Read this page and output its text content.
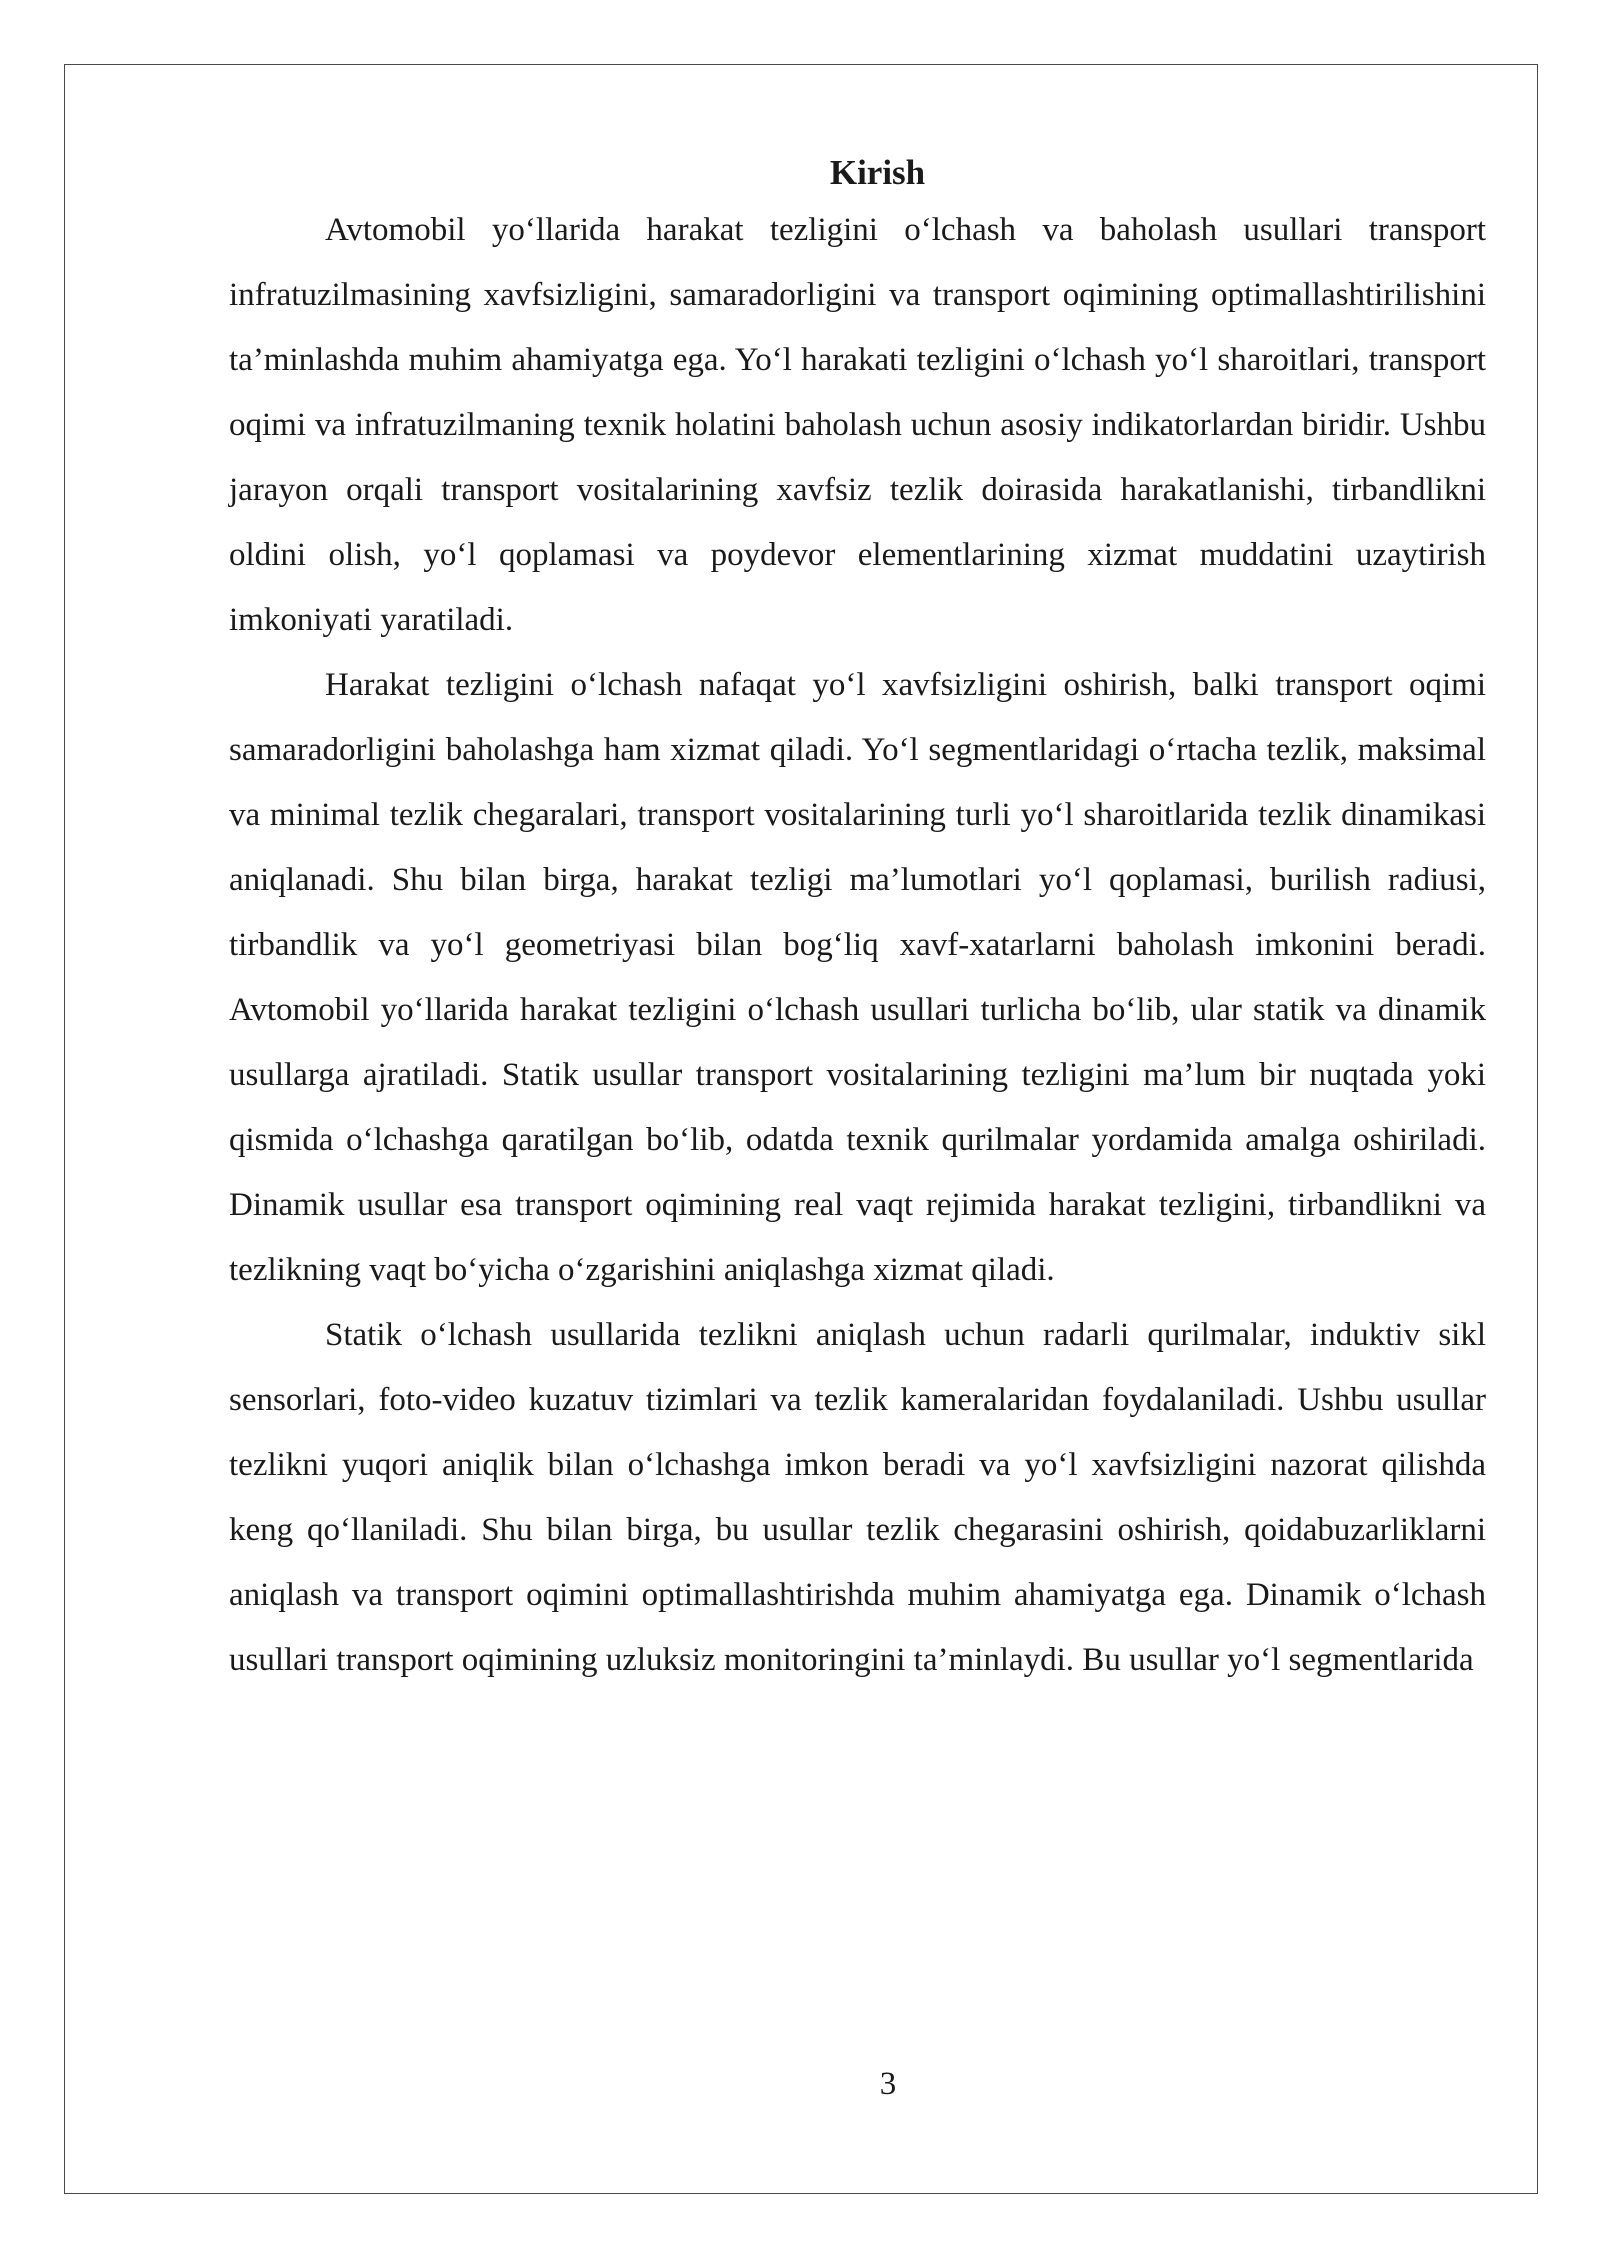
Kirish

Avtomobil yo‘llarida harakat tezligini o‘lchash va baholash usullari transport infratuzilmasining xavfsizligini, samaradorligini va transport oqimining optimallashtirilishini ta’minlashda muhim ahamiyatga ega. Yo‘l harakati tezligini o‘lchash yo‘l sharoitlari, transport oqimi va infratuzilmaning texnik holatini baholash uchun asosiy indikatorlardan biridir. Ushbu jarayon orqali transport vositalarining xavfsiz tezlik doirasida harakatlanishi, tirbandlikni oldini olish, yo‘l qoplamasi va poydevor elementlarining xizmat muddatini uzaytirish imkoniyati yaratiladi.

Harakat tezligini o‘lchash nafaqat yo‘l xavfsizligini oshirish, balki transport oqimi samaradorligini baholashga ham xizmat qiladi. Yo‘l segmentlaridagi o‘rtacha tezlik, maksimal va minimal tezlik chegaralari, transport vositalarining turli yo‘l sharoitlarida tezlik dinamikasi aniqlanadi. Shu bilan birga, harakat tezligi ma’lumotlari yo‘l qoplamasi, burilish radiusi, tirbandlik va yo‘l geometriyasi bilan bog‘liq xavf-xatarlarni baholash imkonini beradi. Avtomobil yo‘llarida harakat tezligini o‘lchash usullari turlicha bo‘lib, ular statik va dinamik usullarga ajratiladi. Statik usullar transport vositalarining tezligini ma’lum bir nuqtada yoki qismida o‘lchashga qaratilgan bo‘lib, odatda texnik qurilmalar yordamida amalga oshiriladi. Dinamik usullar esa transport oqimining real vaqt rejimida harakat tezligini, tirbandlikni va tezlikning vaqt bo‘yicha o‘zgarishini aniqlashga xizmat qiladi.

Statik o‘lchash usullarida tezlikni aniqlash uchun radarli qurilmalar, induktiv sikl sensorlari, foto-video kuzatuv tizimlari va tezlik kameralaridan foydalaniladi. Ushbu usullar tezlikni yuqori aniqlik bilan o‘lchashga imkon beradi va yo‘l xavfsizligini nazorat qilishda keng qo‘llaniladi. Shu bilan birga, bu usullar tezlik chegarasini oshirish, qoidabuzarliklarni aniqlash va transport oqimini optimallashtirishda muhim ahamiyatga ega. Dinamik o‘lchash usullari transport oqimining uzluksiz monitoringini ta’minlaydi. Bu usullar yo‘l segmentlarida

3
